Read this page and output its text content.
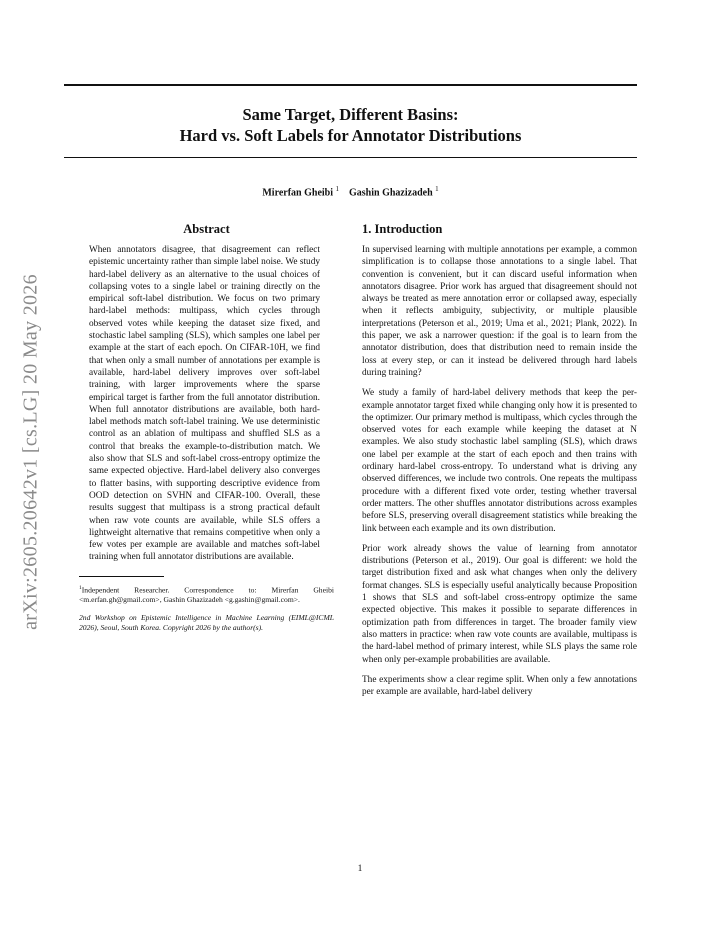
arXiv:2605.20642v1 [cs.LG] 20 May 2026
Same Target, Different Basins:
Hard vs. Soft Labels for Annotator Distributions
Mirerfan Gheibi $^1$ Gashin Ghazizadeh $^1$
Abstract

When annotators disagree, that disagreement can reflect epistemic uncertainty rather than simple label noise. We study hard-label delivery as an alternative to the usual choices of collapsing votes to a single label or training directly on the empirical soft-label distribution. We focus on two primary hard-label methods: multipass, which cycles through observed votes while keeping the dataset size fixed, and stochastic label sampling (SLS), which samples one label per example at the start of each epoch. On CIFAR-10H, we find that when only a small number of annotations per example is available, hard-label delivery improves over soft-label training, with larger improvements where the sparse empirical target is farther from the full annotator distribution. When full annotator distributions are available, both hard-label methods match soft-label training. We use deterministic control as an ablation of multipass and shuffled SLS as a control that breaks the example-to-distribution match. We also show that SLS and soft-label cross-entropy optimize the same expected objective. Hard-label delivery also converges to flatter basins, with supporting descriptive evidence from OOD detection on SVHN and CIFAR-100. Overall, these results suggest that multipass is a strong practical default when raw vote counts are available, while SLS offers a lightweight alternative that remains competitive when only a few votes per example are available and matches soft-label training when full annotator distributions are available.

$^1$Independent Researcher. Correspondence to: Mirerfan Gheibi <m.erfan.gh@gmail.com>, Gashin Ghazizadeh <g.gashin@gmail.com>.

2nd Workshop on Epistemic Intelligence in Machine Learning (EIML@ICML 2026), Seoul, South Korea. Copyright 2026 by the author(s).

1. Introduction

In supervised learning with multiple annotations per example, a common simplification is to collapse those annotations to a single label. That convention is convenient, but it can discard useful information when annotators disagree. Prior work has argued that disagreement should not always be treated as mere annotation error or collapsed away, especially when it reflects ambiguity, subjectivity, or multiple plausible interpretations (Peterson et al., 2019; Uma et al., 2021; Plank, 2022). In this paper, we ask a narrower question: if the goal is to learn from the annotator distribution, does that distribution need to remain inside the loss at every step, or can it instead be delivered through hard labels during training?

We study a family of hard-label delivery methods that keep the per-example annotator target fixed while changing only how it is presented to the optimizer. Our primary method is multipass, which cycles through the observed votes for each example while keeping the dataset at N examples. We also study stochastic label sampling (SLS), which draws one label per example at the start of each epoch and then trains with ordinary hard-label cross-entropy. To understand what is driving any observed differences, we include two controls. One repeats the multipass procedure with a different fixed vote order, testing whether traversal order matters. The other shuffles annotator distributions across examples before SLS, preserving overall disagreement statistics while breaking the link between each example and its own distribution.

Prior work already shows the value of learning from annotator distributions (Peterson et al., 2019). Our goal is different: we hold the target distribution fixed and ask what changes when only the delivery format changes. SLS is especially useful analytically because Proposition 1 shows that SLS and soft-label cross-entropy optimize the same expected objective. This makes it possible to separate differences in optimization path from differences in target. The broader family view also matters in practice: when raw vote counts are available, multipass is the hard-label method of primary interest, while SLS plays the same role when only per-example probabilities are available.

The experiments show a clear regime split. When only a few annotations per example are available, hard-label delivery

1
